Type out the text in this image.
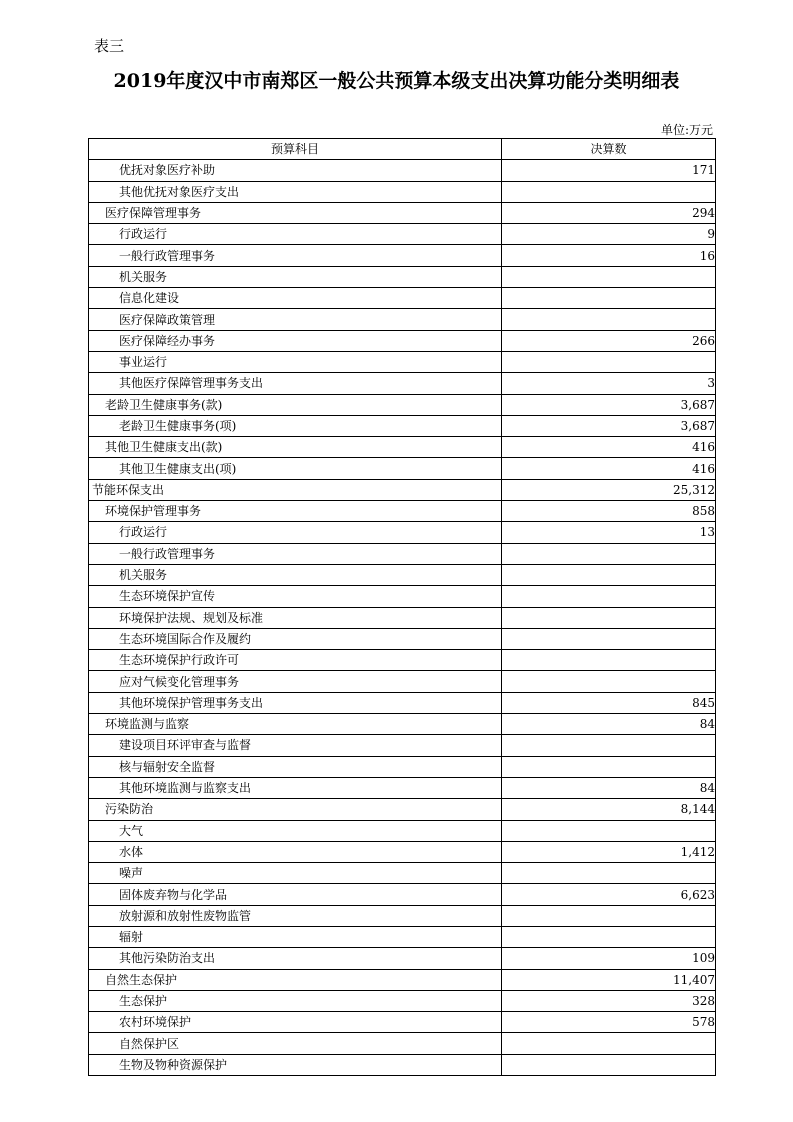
表三
2019年度汉中市南郑区一般公共预算本级支出决算功能分类明细表
单位:万元
预算科目	决算数
优抚对象医疗补助	171
其他优抚对象医疗支出	
医疗保障管理事务	294
行政运行	9
一般行政管理事务	16
机关服务	
信息化建设	
医疗保障政策管理	
医疗保障经办事务	266
事业运行	
其他医疗保障管理事务支出	3
老龄卫生健康事务(款)	3,687
老龄卫生健康事务(项)	3,687
其他卫生健康支出(款)	416
其他卫生健康支出(项)	416
节能环保支出	25,312
环境保护管理事务	858
行政运行	13
一般行政管理事务	
机关服务	
生态环境保护宣传	
环境保护法规、规划及标准	
生态环境国际合作及履约	
生态环境保护行政许可	
应对气候变化管理事务	
其他环境保护管理事务支出	845
环境监测与监察	84
建设项目环评审查与监督	
核与辐射安全监督	
其他环境监测与监察支出	84
污染防治	8,144
大气	
水体	1,412
噪声	
固体废弃物与化学品	6,623
放射源和放射性废物监管	
辐射	
其他污染防治支出	109
自然生态保护	11,407
生态保护	328
农村环境保护	578
自然保护区	
生物及物种资源保护	
